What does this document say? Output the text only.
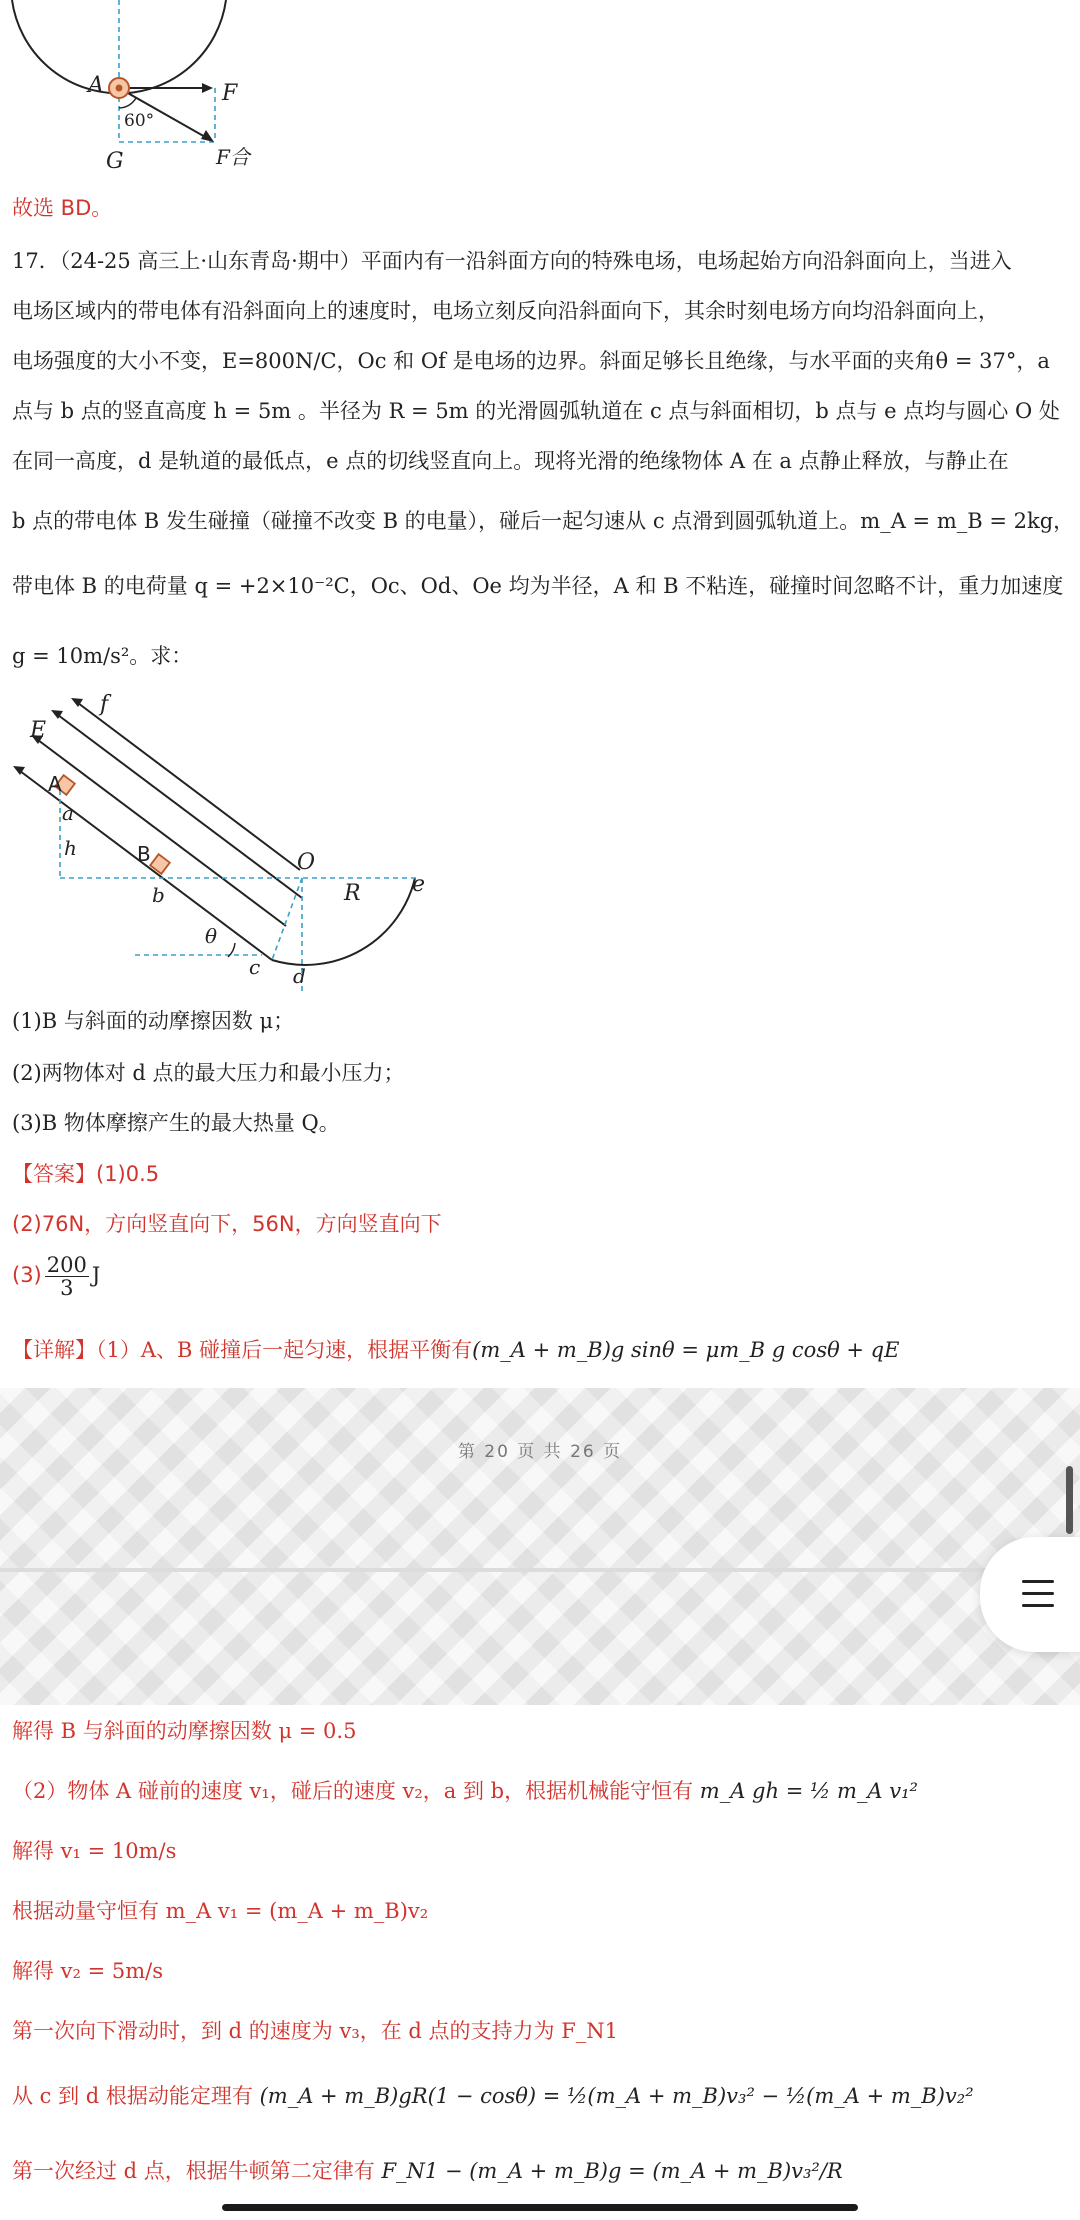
A	F
60°
G	F合
故选 BD。
17．（24-25 高三上·山东青岛·期中）平面内有一沿斜面方向的特殊电场，电场起始方向沿斜面向上，当进入
电场区域内的带电体有沿斜面向上的速度时，电场立刻反向沿斜面向下，其余时刻电场方向均沿斜面向上，
电场强度的大小不变，E=800N/C，Oc 和 Of 是电场的边界。斜面足够长且绝缘，与水平面的夹角θ = 37°，a
点与 b 点的竖直高度 h = 5m 。半径为 R = 5m 的光滑圆弧轨道在 c 点与斜面相切，b 点与 e 点均与圆心 O 处
在同一高度，d 是轨道的最低点，e 点的切线竖直向上。现将光滑的绝缘物体 A 在 a 点静止释放，与静止在
b 点的带电体 B 发生碰撞（碰撞不改变 B 的电量），碰后一起匀速从 c 点滑到圆弧轨道上。m_A = m_B = 2kg，
带电体 B 的电荷量 q = +2×10⁻²C，Oc、Od、Oe 均为半径，A 和 B 不粘连，碰撞时间忽略不计，重力加速度
g = 10m/s²。求：
f
E
A
a
h	B
b
O
R e
θ
c d
(1)B 与斜面的动摩擦因数 μ；
(2)两物体对 d 点的最大压力和最小压力；
(3)B 物体摩擦产生的最大热量 Q。
【答案】(1)0.5
(2)76N，方向竖直向下，56N，方向竖直向下
$(3) \frac{200}{3}$ J
【详解】（1）A、B 碰撞后一起匀速，根据平衡有(m_A + m_B)g sinθ = μm_B g cosθ + qE
第 20 页 共 26 页
解得 B 与斜面的动摩擦因数 μ = 0.5
（2）物体 A 碰前的速度 v₁，碰后的速度 v₂，a 到 b，根据机械能守恒有 m_A gh = ½ m_A v₁²
解得 v₁ = 10m/s
根据动量守恒有 m_A v₁ = (m_A + m_B)v₂
解得 v₂ = 5m/s
第一次向下滑动时，到 d 的速度为 v₃，在 d 点的支持力为 F_N1
从 c 到 d 根据动能定理有 (m_A + m_B)gR(1 − cosθ) = ½(m_A + m_B)v₃² − ½(m_A + m_B)v₂²
第一次经过 d 点，根据牛顿第二定律有 F_N1 − (m_A + m_B)g = (m_A + m_B)v₃²/R
